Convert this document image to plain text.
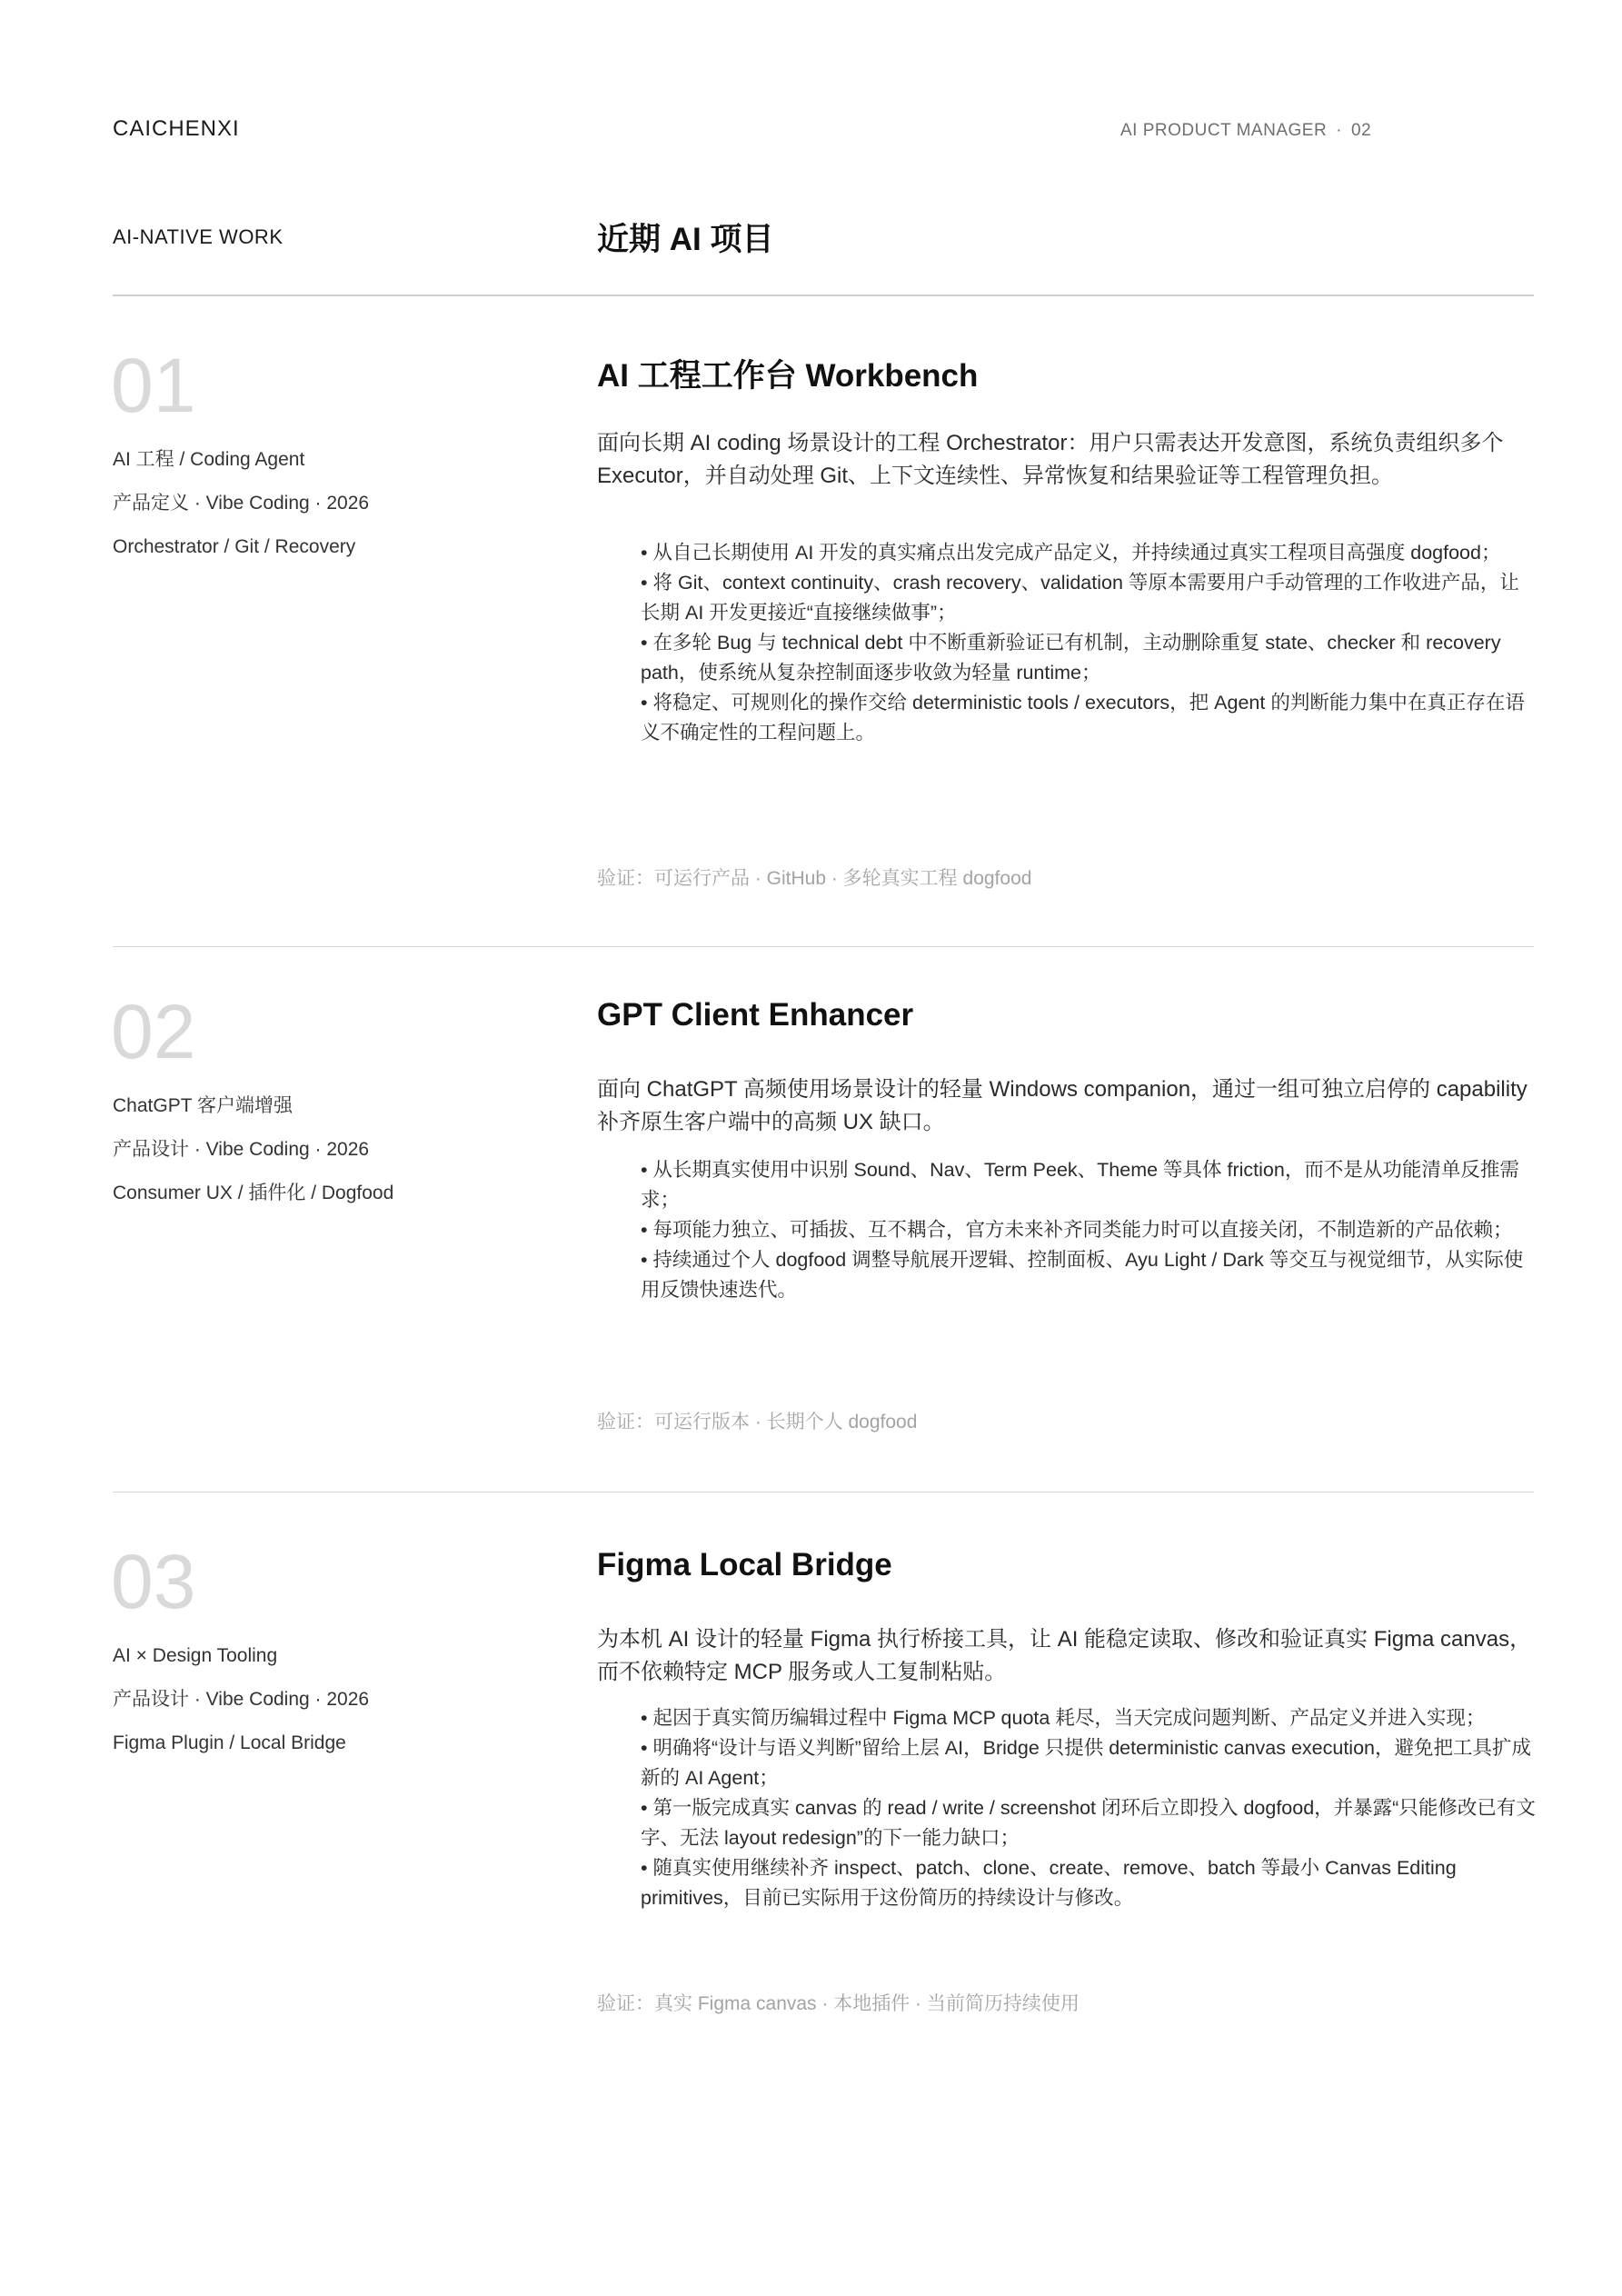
CAICHENXI	AI PRODUCT MANAGER · 02
AI-NATIVE WORK	近期 AI 项目
01
AI 工程 / Coding Agent
产品定义 · Vibe Coding · 2026
Orchestrator / Git / Recovery
AI 工程工作台 Workbench
面向长期 AI coding 场景设计的工程 Orchestrator：用户只需表达开发意图，系统负责组织多个 Executor，并自动处理 Git、上下文连续性、异常恢复和结果验证等工程管理负担。
• 从自己长期使用 AI 开发的真实痛点出发完成产品定义，并持续通过真实工程项目高强度 dogfood；
• 将 Git、context continuity、crash recovery、validation 等原本需要用户手动管理的工作收进产品，让长期 AI 开发更接近“直接继续做事”；
• 在多轮 Bug 与 technical debt 中不断重新验证已有机制，主动删除重复 state、checker 和 recovery path，使系统从复杂控制面逐步收敛为轻量 runtime；
• 将稳定、可规则化的操作交给 deterministic tools / executors，把 Agent 的判断能力集中在真正存在语义不确定性的工程问题上。
验证：可运行产品 · GitHub · 多轮真实工程 dogfood
02
ChatGPT 客户端增强
产品设计 · Vibe Coding · 2026
Consumer UX / 插件化 / Dogfood
GPT Client Enhancer
面向 ChatGPT 高频使用场景设计的轻量 Windows companion，通过一组可独立启停的 capability 补齐原生客户端中的高频 UX 缺口。
• 从长期真实使用中识别 Sound、Nav、Term Peek、Theme 等具体 friction，而不是从功能清单反推需求；
• 每项能力独立、可插拔、互不耦合，官方未来补齐同类能力时可以直接关闭，不制造新的产品依赖；
• 持续通过个人 dogfood 调整导航展开逻辑、控制面板、Ayu Light / Dark 等交互与视觉细节，从实际使用反馈快速迭代。
验证：可运行版本 · 长期个人 dogfood
03
AI × Design Tooling
产品设计 · Vibe Coding · 2026
Figma Plugin / Local Bridge
Figma Local Bridge
为本机 AI 设计的轻量 Figma 执行桥接工具，让 AI 能稳定读取、修改和验证真实 Figma canvas，而不依赖特定 MCP 服务或人工复制粘贴。
• 起因于真实简历编辑过程中 Figma MCP quota 耗尽，当天完成问题判断、产品定义并进入实现；
• 明确将“设计与语义判断”留给上层 AI，Bridge 只提供 deterministic canvas execution，避免把工具扩成新的 AI Agent；
• 第一版完成真实 canvas 的 read / write / screenshot 闭环后立即投入 dogfood，并暴露“只能修改已有文字、无法 layout redesign”的下一能力缺口；
• 随真实使用继续补齐 inspect、patch、clone、create、remove、batch 等最小 Canvas Editing primitives，目前已实际用于这份简历的持续设计与修改。
验证：真实 Figma canvas · 本地插件 · 当前简历持续使用
